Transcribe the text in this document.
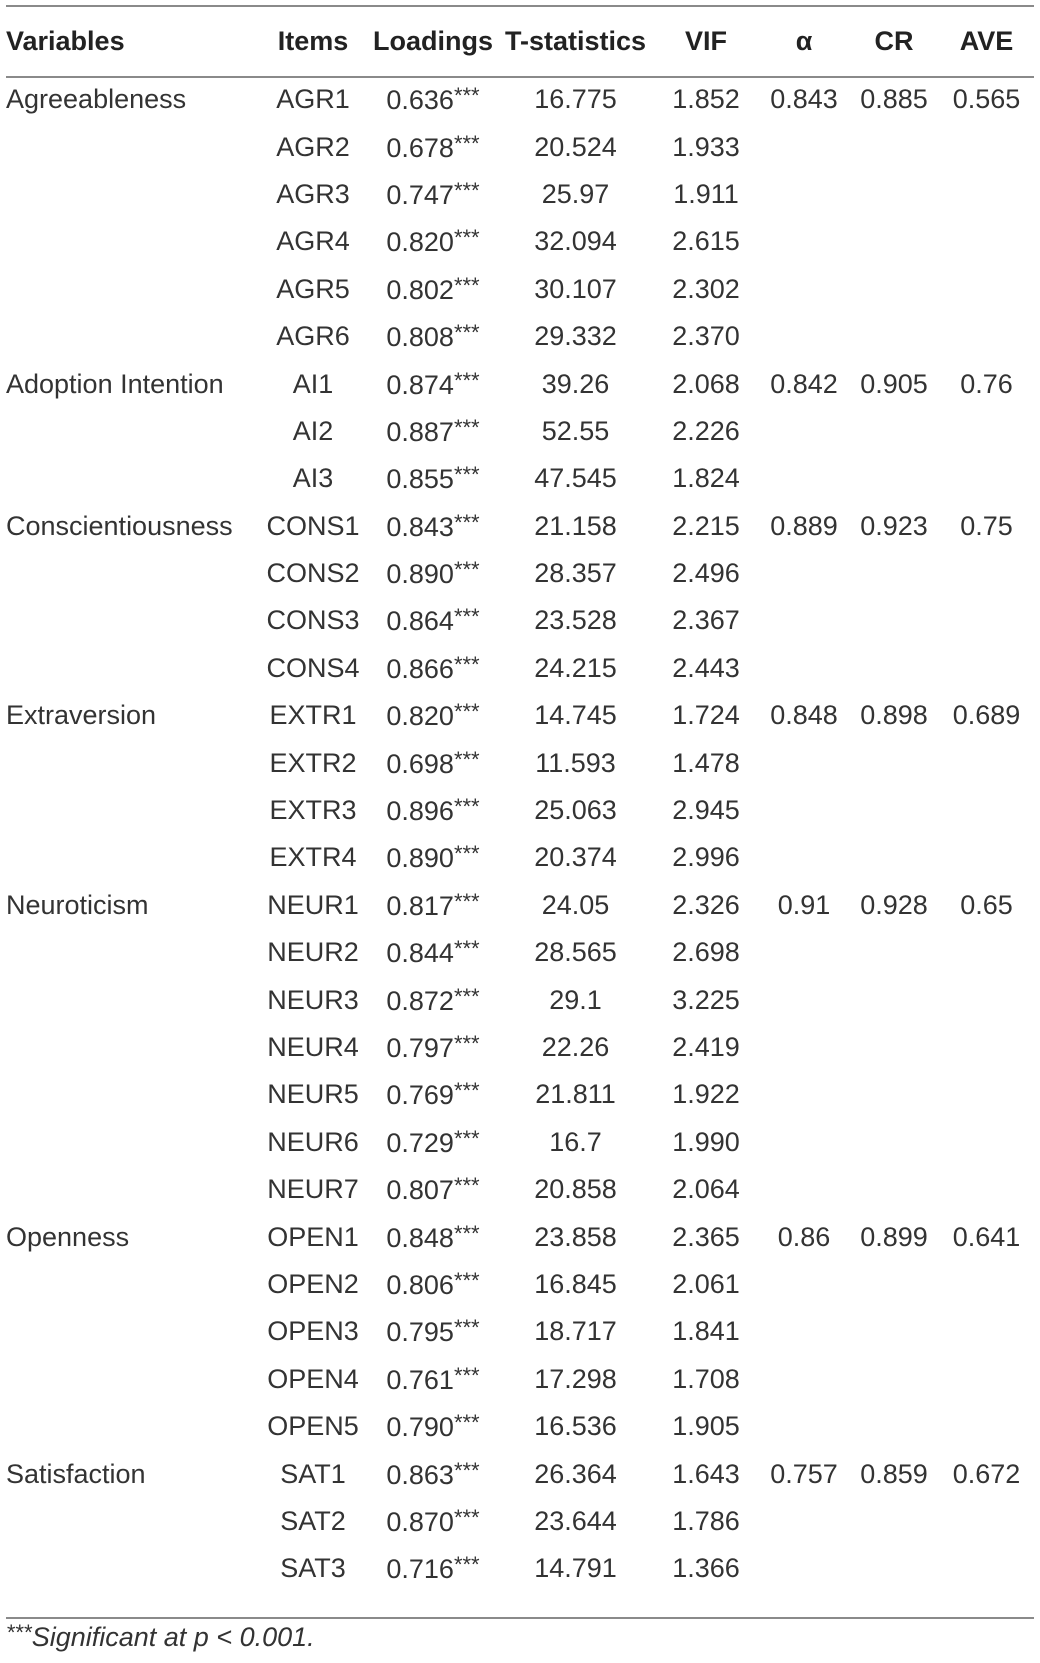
Variables	Items	Loadings	T-statistics	VIF	α	CR	AVE
Agreeableness	AGR1	0.636***	16.775	1.852	0.843	0.885	0.565
	AGR2	0.678***	20.524	1.933			
	AGR3	0.747***	25.97	1.911			
	AGR4	0.820***	32.094	2.615			
	AGR5	0.802***	30.107	2.302			
	AGR6	0.808***	29.332	2.370			
Adoption Intention	AI1	0.874***	39.26	2.068	0.842	0.905	0.76
	AI2	0.887***	52.55	2.226			
	AI3	0.855***	47.545	1.824			
Conscientiousness	CONS1	0.843***	21.158	2.215	0.889	0.923	0.75
	CONS2	0.890***	28.357	2.496			
	CONS3	0.864***	23.528	2.367			
	CONS4	0.866***	24.215	2.443			
Extraversion	EXTR1	0.820***	14.745	1.724	0.848	0.898	0.689
	EXTR2	0.698***	11.593	1.478			
	EXTR3	0.896***	25.063	2.945			
	EXTR4	0.890***	20.374	2.996			
Neuroticism	NEUR1	0.817***	24.05	2.326	0.91	0.928	0.65
	NEUR2	0.844***	28.565	2.698			
	NEUR3	0.872***	29.1	3.225			
	NEUR4	0.797***	22.26	2.419			
	NEUR5	0.769***	21.811	1.922			
	NEUR6	0.729***	16.7	1.990			
	NEUR7	0.807***	20.858	2.064			
Openness	OPEN1	0.848***	23.858	2.365	0.86	0.899	0.641
	OPEN2	0.806***	16.845	2.061			
	OPEN3	0.795***	18.717	1.841			
	OPEN4	0.761***	17.298	1.708			
	OPEN5	0.790***	16.536	1.905			
Satisfaction	SAT1	0.863***	26.364	1.643	0.757	0.859	0.672
	SAT2	0.870***	23.644	1.786			
	SAT3	0.716***	14.791	1.366			
***Significant at p < 0.001.
